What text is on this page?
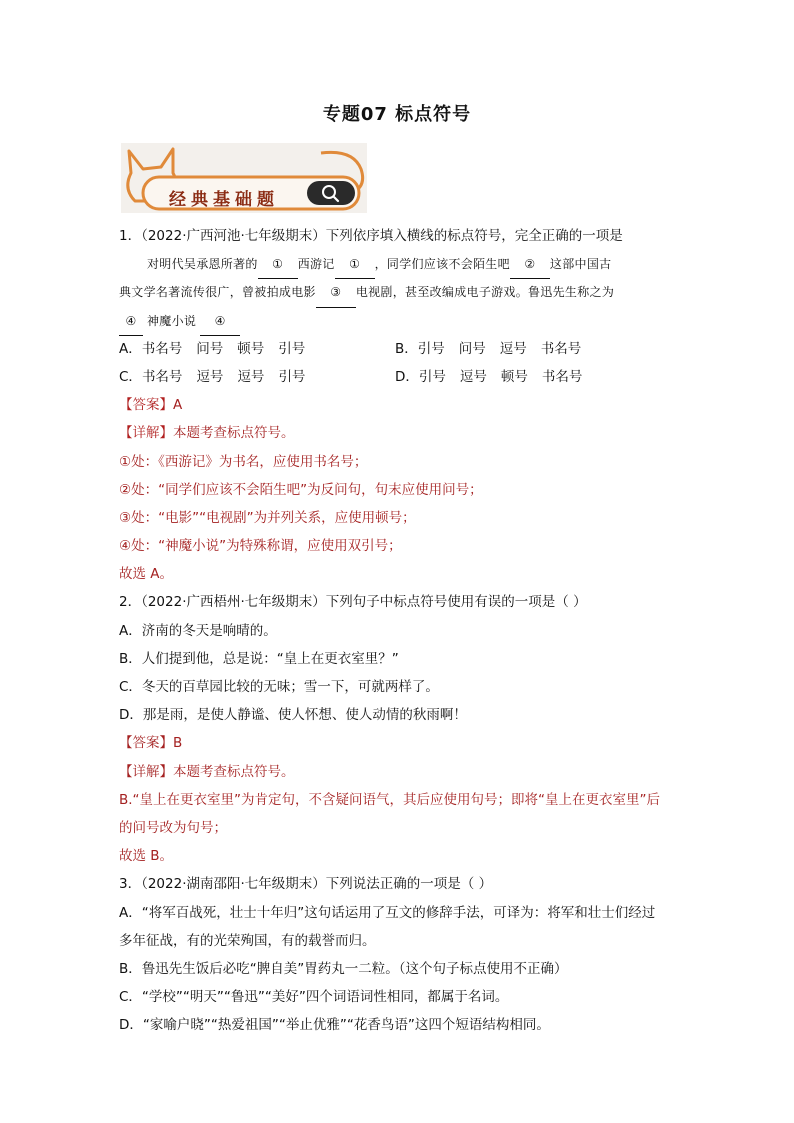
专题07 标点符号
经典基础题
1．（2022·广西河池·七年级期末）下列依序填入横线的标点符号，完全正确的一项是
对明代吴承恩所著的 ① 西游记 ① ，同学们应该不会陌生吧 ② 这部中国古
典文学名著流传很广，曾被拍成电影 ③ 电视剧，甚至改编成电子游戏。鲁迅先生称之为
④ 神魔小说 ④
A．书名号 问号 顿号 引号	B．引号 问号 逗号 书名号
C．书名号 逗号 逗号 引号	D．引号 逗号 顿号 书名号
【答案】A
【详解】本题考查标点符号。
①处：《西游记》为书名，应使用书名号；
②处：“同学们应该不会陌生吧”为反问句，句末应使用问号；
③处：“电影”“电视剧”为并列关系，应使用顿号；
④处：“神魔小说”为特殊称谓，应使用双引号；
故选 A。
2．（2022·广西梧州·七年级期末）下列句子中标点符号使用有误的一项是（ ）
A．济南的冬天是响晴的。
B．人们提到他，总是说：“皇上在更衣室里？”
C．冬天的百草园比较的无味；雪一下，可就两样了。
D．那是雨，是使人静谧、使人怀想、使人动情的秋雨啊！
【答案】B
【详解】本题考查标点符号。
B.“皇上在更衣室里”为肯定句，不含疑问语气，其后应使用句号；即将“皇上在更衣室里”后
的问号改为句号；
故选 B。
3．（2022·湖南邵阳·七年级期末）下列说法正确的一项是（ ）
A．“将军百战死，壮士十年归”这句话运用了互文的修辞手法，可译为：将军和壮士们经过
多年征战，有的光荣殉国，有的载誉而归。
B．鲁迅先生饭后必吃“脾自美”胃药丸一二粒。（这个句子标点使用不正确）
C．“学校”“明天”“鲁迅”“美好”四个词语词性相同，都属于名词。
D．“家喻户晓”“热爱祖国”“举止优雅”“花香鸟语”这四个短语结构相同。
